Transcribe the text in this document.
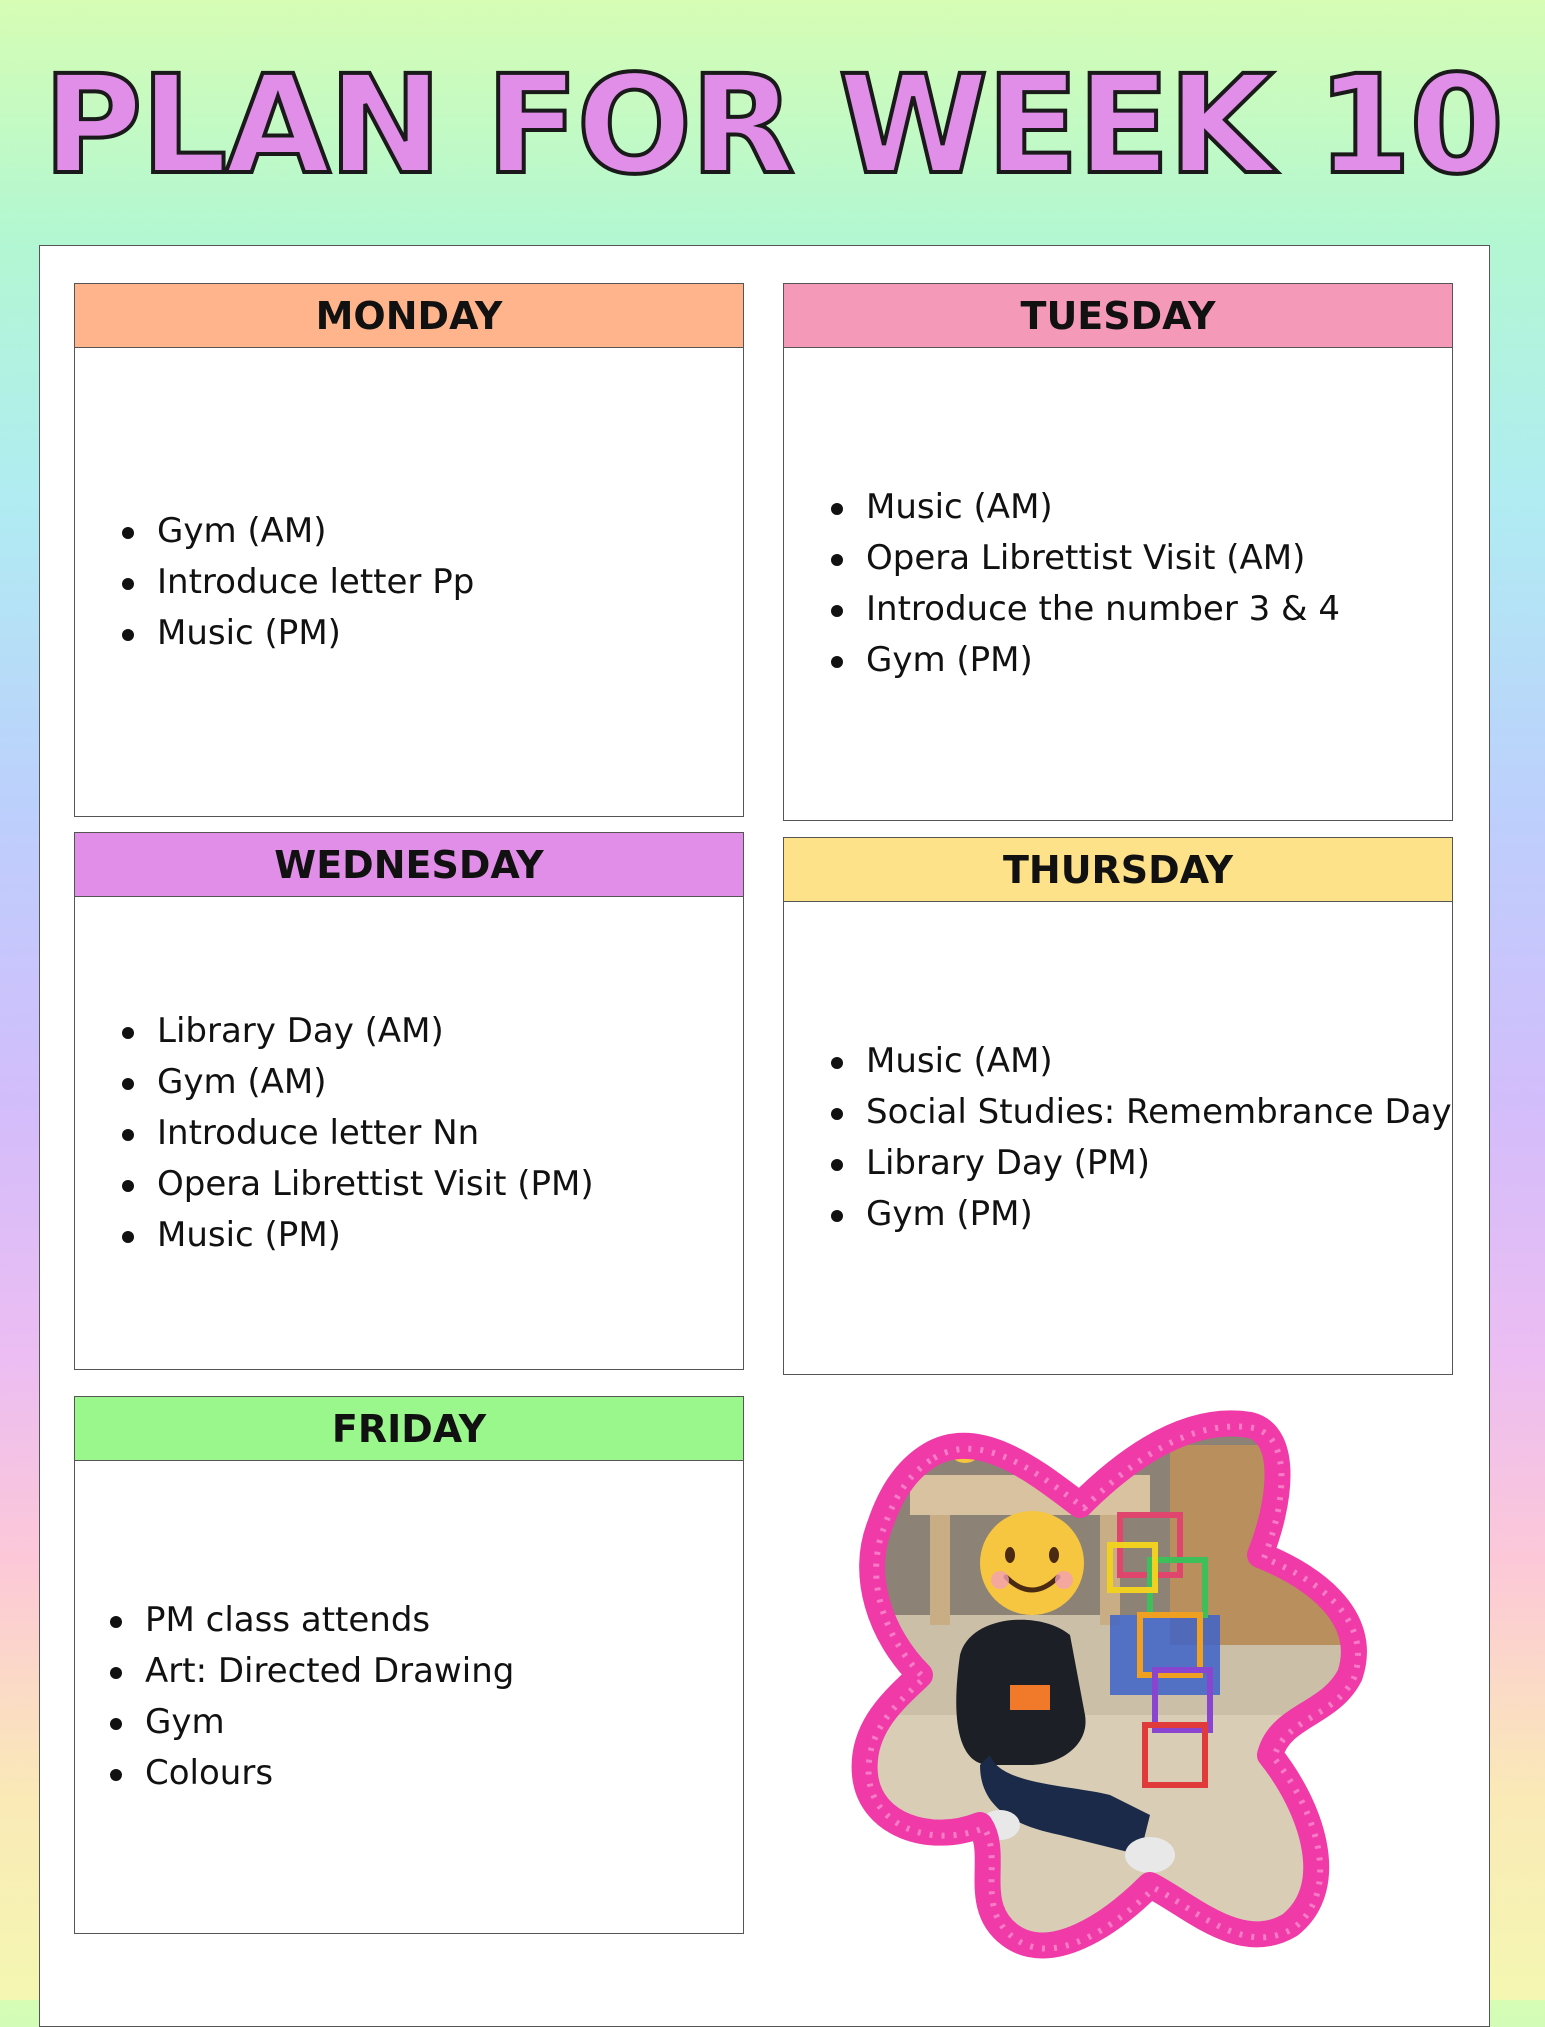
PLAN FOR WEEK 10
MONDAY
Gym (AM)
Introduce letter Pp
Music (PM)
TUESDAY
Music (AM)
Opera Librettist Visit (AM)
Introduce the number 3 & 4
Gym (PM)
WEDNESDAY
Library Day (AM)
Gym (AM)
Introduce letter Nn
Opera Librettist Visit (PM)
Music (PM)
THURSDAY
Music (AM)
Social Studies: Remembrance Day
Library Day (PM)
Gym (PM)
FRIDAY
PM class attends
Art: Directed Drawing
Gym
Colours
